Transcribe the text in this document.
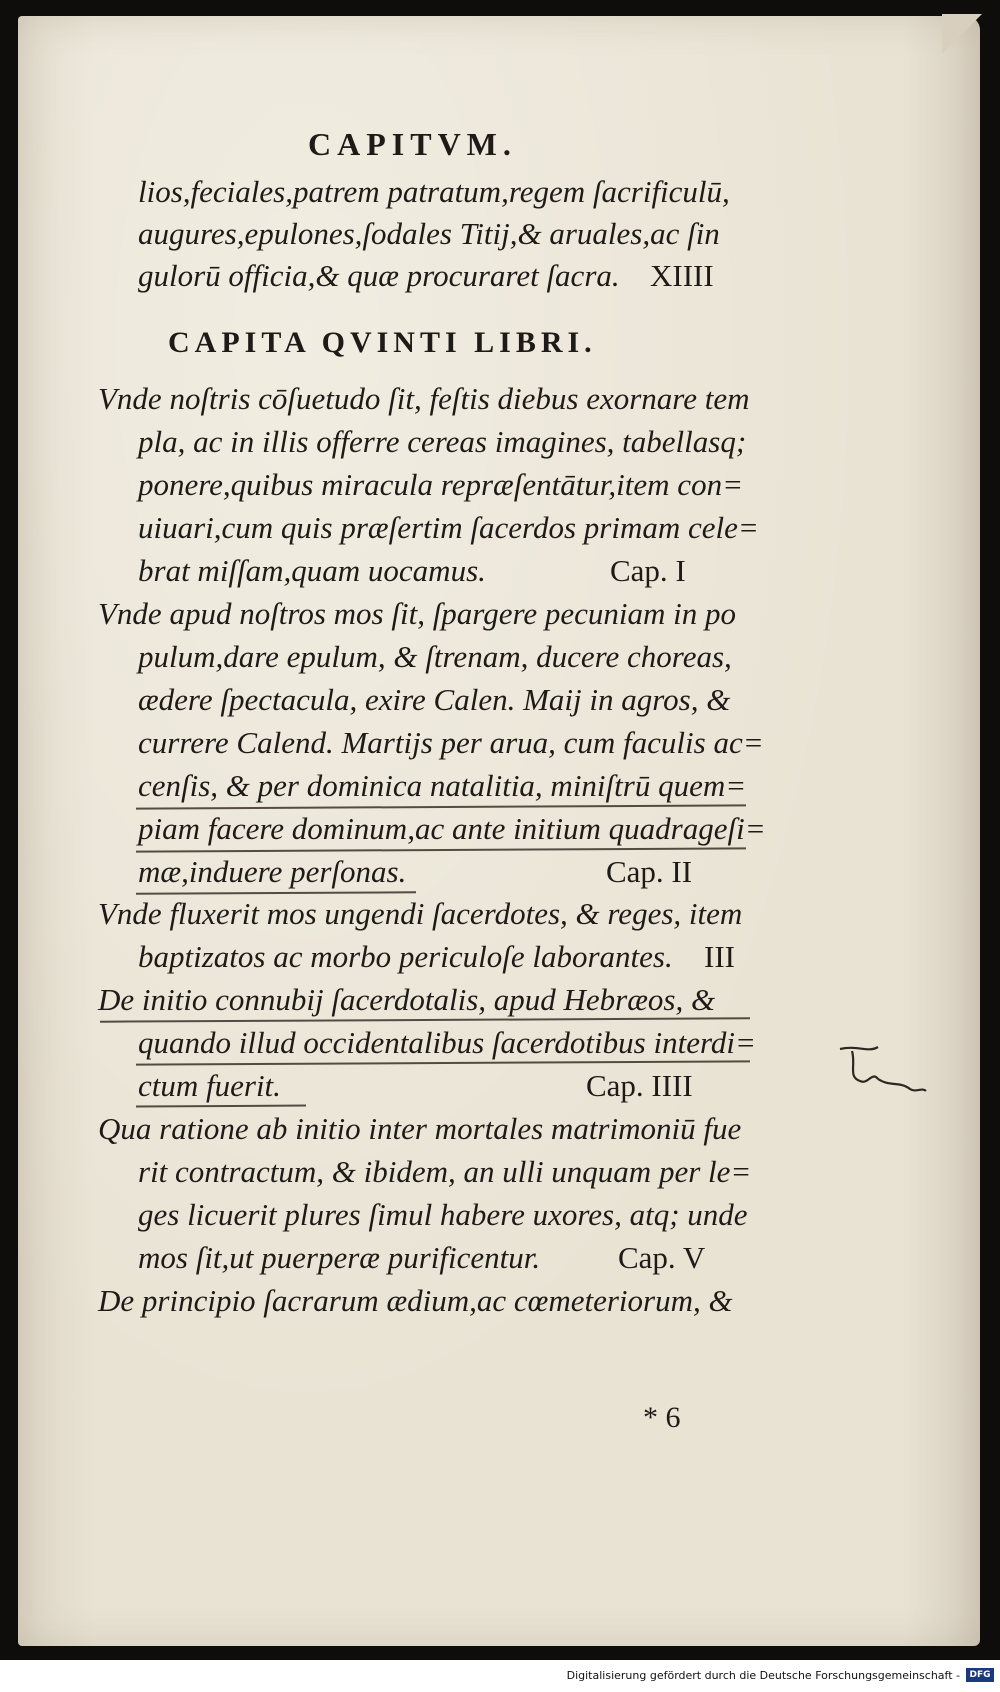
CAPITVM.
lios,feciales,patrem patratum,regem ſacrificulū,
augures,epulones,ſodales Titij,& aruales,ac ſin
gulorū officia,& quæ procuraret ſacra. XIIII
CAPITA QVINTI LIBRI.
Vnde noſtris cōſuetudo ſit, feſtis diebus exornare tem
pla, ac in illis offerre cereas imagines, tabellasq;
ponere,quibus miracula repræſentātur,item con=
uiuari,cum quis præſertim ſacerdos primam cele=
brat miſſam,quam uocamus.	Cap. I
Vnde apud noſtros mos ſit, ſpargere pecuniam in po
pulum,dare epulum, & ſtrenam, ducere choreas,
ædere ſpectacula, exire Calen. Maij in agros, &
currere Calend. Martijs per arua, cum faculis ac=
cenſis, & per dominica natalitia, miniſtrū quem=
piam facere dominum,ac ante initium quadrageſi=
mæ,induere perſonas.	Cap. II
Vnde fluxerit mos ungendi ſacerdotes, & reges, item
baptizatos ac morbo periculoſe laborantes. III
De initio connubij ſacerdotalis, apud Hebræos, &
quando illud occidentalibus ſacerdotibus interdi=
ctum fuerit.	Cap. IIII
Qua ratione ab initio inter mortales matrimoniū fue
rit contractum, & ibidem, an ulli unquam per le=
ges licuerit plures ſimul habere uxores, atq; unde
mos ſit,ut puerperæ purificentur.	Cap. V
De principio ſacrarum ædium,ac cœmeteriorum, &
* 6
Digitalisierung gefördert durch die Deutsche Forschungsgemeinschaft -	DFG
